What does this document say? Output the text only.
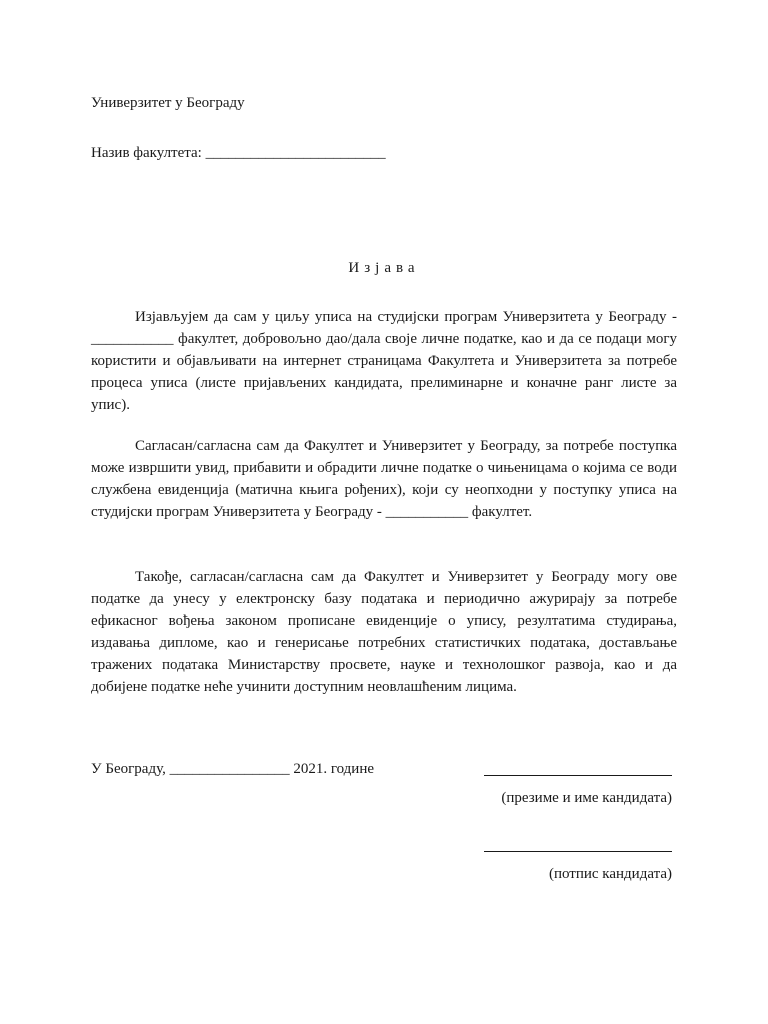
Универзитет у Београду
Назив факултета: ________________________
Изјава

Изјављујем да сам у циљу уписа на студијски програм Универзитета у Београду - ___________ факултет, добровољно дао/дала своје личне податке, као и да се подаци могу користити и објављивати на интернет страницама Факултета и Универзитета за потребе процеса уписа (листе пријављених кандидата, прелиминарне и коначне ранг листе за упис).

Сагласан/сагласна сам да Факултет и Универзитет у Београду, за потребе поступка може извршити увид, прибавити и обрадити личне податке о чињеницама о којима се води службена евиденција (матична књига рођених), који су неопходни у поступку уписа на студијски програм Универзитета у Београду - ___________ факултет.

Такође, сагласан/сагласна сам да Факултет и Универзитет у Београду могу ове податке да унесу у електронску базу података и периодично ажурирају за потребе ефикасног вођења законом прописане евиденције о упису, резултатима студирања, издавања дипломе, као и генерисање потребних статистичких података, достављање тражених података Министарству просвете, науке и технолошког развоја, као и да добијене податке неће учинити доступним неовлашћеним лицима.

У Београду, ________________ 2021. године
(презиме и име кандидата)
(потпис кандидата)
